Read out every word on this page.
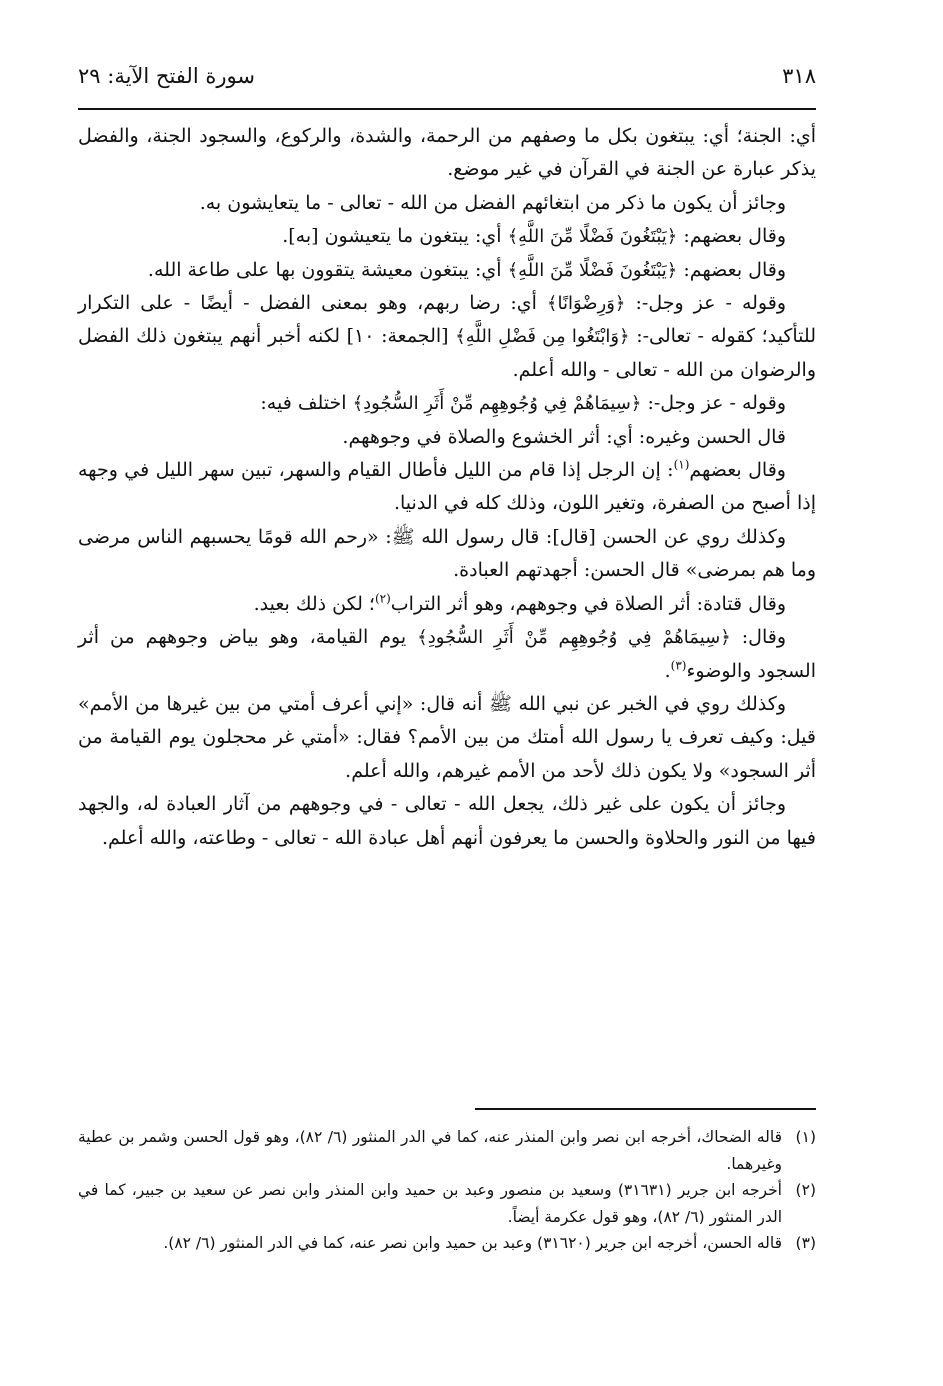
٣١٨
سورة الفتح الآية: ٢٩

أي: الجنة؛ أي: يبتغون بكل ما وصفهم من الرحمة، والشدة، والركوع، والسجود الجنة، والفضل يذكر عبارة عن الجنة في القرآن في غير موضع.

وجائز أن يكون ما ذكر من ابتغائهم الفضل من الله - تعالى - ما يتعايشون به.

وقال بعضهم: ﴿يَبْتَغُونَ فَضْلًا مِّنَ اللَّهِ﴾ أي: يبتغون ما يتعيشون [به].

وقال بعضهم: ﴿يَبْتَغُونَ فَضْلًا مِّنَ اللَّهِ﴾ أي: يبتغون معيشة يتقوون بها على طاعة الله.

وقوله - عز وجل-: ﴿وَرِضْوَانًا﴾ أي: رضا ربهم، وهو بمعنى الفضل - أيضًا - على التكرار للتأكيد؛ كقوله - تعالى-: ﴿وَابْتَغُوا مِن فَضْلِ اللَّهِ﴾ [الجمعة: ١٠] لكنه أخبر أنهم يبتغون ذلك الفضل والرضوان من الله - تعالى - والله أعلم.

وقوله - عز وجل-: ﴿سِيمَاهُمْ فِي وُجُوهِهِم مِّنْ أَثَرِ السُّجُودِ﴾ اختلف فيه:

قال الحسن وغيره: أي: أثر الخشوع والصلاة في وجوههم.

وقال بعضهم$^{(١)}$: إن الرجل إذا قام من الليل فأطال القيام والسهر، تبين سهر الليل في وجهه إذا أصبح من الصفرة، وتغير اللون، وذلك كله في الدنيا.

وكذلك روي عن الحسن [قال]: قال رسول الله ﷺ: «رحم الله قومًا يحسبهم الناس مرضى وما هم بمرضى» قال الحسن: أجهدتهم العبادة.

وقال قتادة: أثر الصلاة في وجوههم، وهو أثر التراب$^{(٢)}$؛ لكن ذلك بعيد.

وقال: ﴿سِيمَاهُمْ فِي وُجُوهِهِم مِّنْ أَثَرِ السُّجُودِ﴾ يوم القيامة، وهو بياض وجوههم من أثر السجود والوضوء$^{(٣)}$.

وكذلك روي في الخبر عن نبي الله ﷺ أنه قال: «إني أعرف أمتي من بين غيرها من الأمم» قيل: وكيف تعرف يا رسول الله أمتك من بين الأمم؟ فقال: «أمتي غر محجلون يوم القيامة من أثر السجود» ولا يكون ذلك لأحد من الأمم غيرهم، والله أعلم.

وجائز أن يكون على غير ذلك، يجعل الله - تعالى - في وجوههم من آثار العبادة له، والجهد فيها من النور والحلاوة والحسن ما يعرفون أنهم أهل عبادة الله - تعالى - وطاعته، والله أعلم.

(١)
قاله الضحاك، أخرجه ابن نصر وابن المنذر عنه، كما في الدر المنثور (٦/ ٨٢)، وهو قول الحسن وشمر بن عطية وغيرهما.
(٢)
أخرجه ابن جرير (٣١٦٣١) وسعيد بن منصور وعبد بن حميد وابن المنذر وابن نصر عن سعيد بن جبير، كما في الدر المنثور (٦/ ٨٢)، وهو قول عكرمة أيضاً.
(٣)
قاله الحسن، أخرجه ابن جرير (٣١٦٢٠) وعبد بن حميد وابن نصر عنه، كما في الدر المنثور (٦/ ٨٢).
